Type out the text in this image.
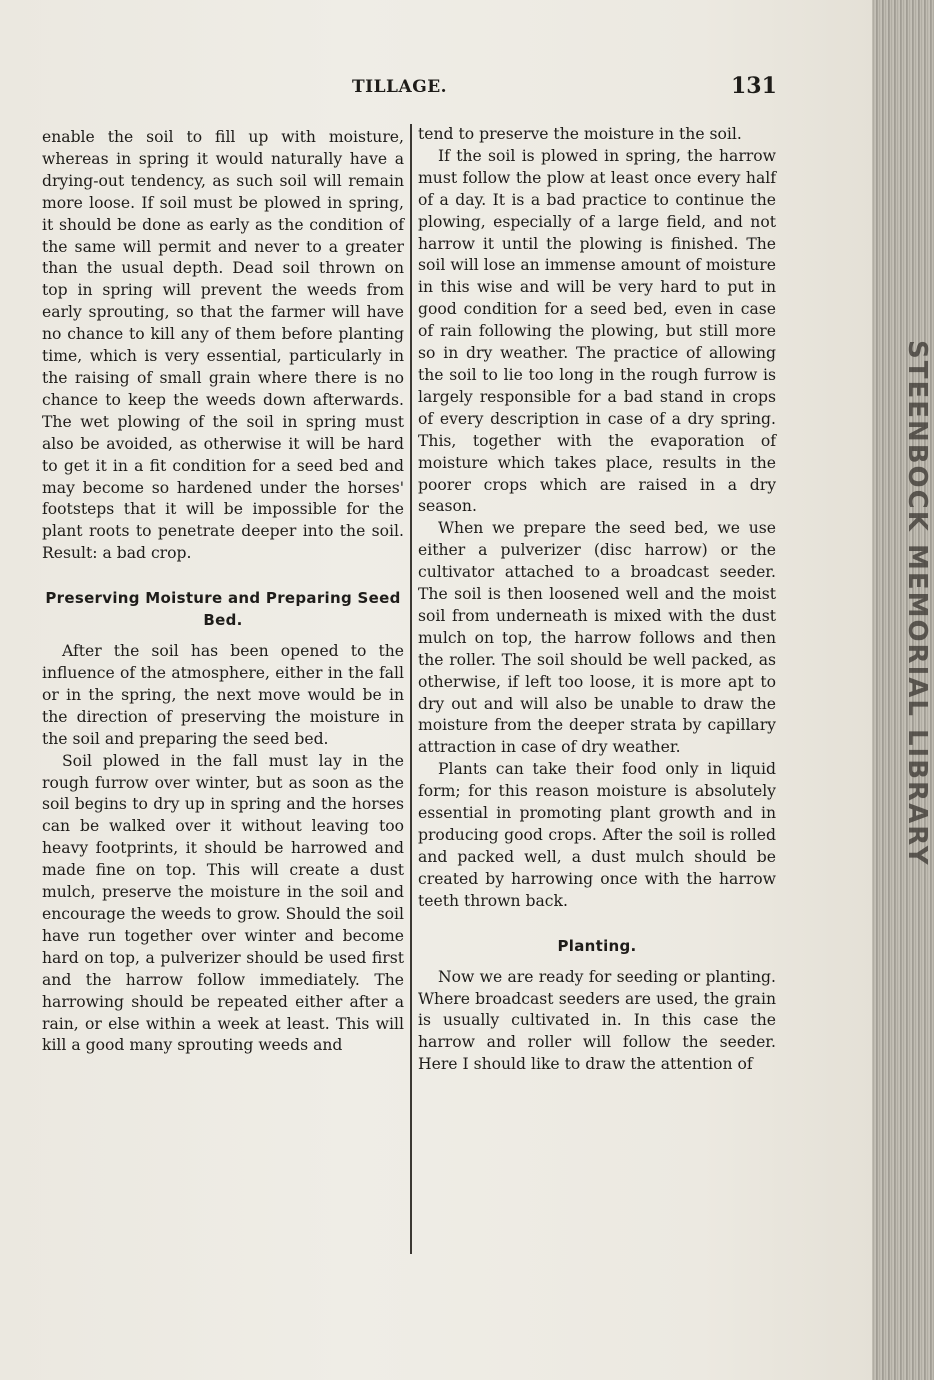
STEENBOCK MEMORIAL LIBRARY
TILLAGE.	131

enable the soil to fill up with moisture, whereas in spring it would naturally have a drying-out tendency, as such soil will remain more loose. If soil must be plowed in spring, it should be done as early as the condition of the same will permit and never to a greater than the usual depth. Dead soil thrown on top in spring will prevent the weeds from early sprouting, so that the farmer will have no chance to kill any of them before planting time, which is very essential, particularly in the raising of small grain where there is no chance to keep the weeds down afterwards. The wet plowing of the soil in spring must also be avoided, as otherwise it will be hard to get it in a fit condition for a seed bed and may become so hardened under the horses' footsteps that it will be impossible for the plant roots to penetrate deeper into the soil. Result: a bad crop.

Preserving Moisture and Preparing Seed Bed.

After the soil has been opened to the influence of the atmosphere, either in the fall or in the spring, the next move would be in the direction of preserving the moisture in the soil and preparing the seed bed.

Soil plowed in the fall must lay in the rough furrow over winter, but as soon as the soil begins to dry up in spring and the horses can be walked over it without leaving too heavy footprints, it should be harrowed and made fine on top. This will create a dust mulch, preserve the moisture in the soil and encourage the weeds to grow. Should the soil have run together over winter and become hard on top, a pulverizer should be used first and the harrow follow immediately. The harrowing should be repeated either after a rain, or else within a week at least. This will kill a good many sprouting weeds and

tend to preserve the moisture in the soil.

If the soil is plowed in spring, the harrow must follow the plow at least once every half of a day. It is a bad practice to continue the plowing, especially of a large field, and not harrow it until the plowing is finished. The soil will lose an immense amount of moisture in this wise and will be very hard to put in good condition for a seed bed, even in case of rain following the plowing, but still more so in dry weather. The practice of allowing the soil to lie too long in the rough furrow is largely responsible for a bad stand in crops of every description in case of a dry spring. This, together with the evaporation of moisture which takes place, results in the poorer crops which are raised in a dry season.

When we prepare the seed bed, we use either a pulverizer (disc harrow) or the cultivator attached to a broadcast seeder. The soil is then loosened well and the moist soil from underneath is mixed with the dust mulch on top, the harrow follows and then the roller. The soil should be well packed, as otherwise, if left too loose, it is more apt to dry out and will also be unable to draw the moisture from the deeper strata by capillary attraction in case of dry weather.

Plants can take their food only in liquid form; for this reason moisture is absolutely essential in promoting plant growth and in producing good crops. After the soil is rolled and packed well, a dust mulch should be created by harrowing once with the harrow teeth thrown back.

Planting.

Now we are ready for seeding or planting. Where broadcast seeders are used, the grain is usually cultivated in. In this case the harrow and roller will follow the seeder. Here I should like to draw the attention of
